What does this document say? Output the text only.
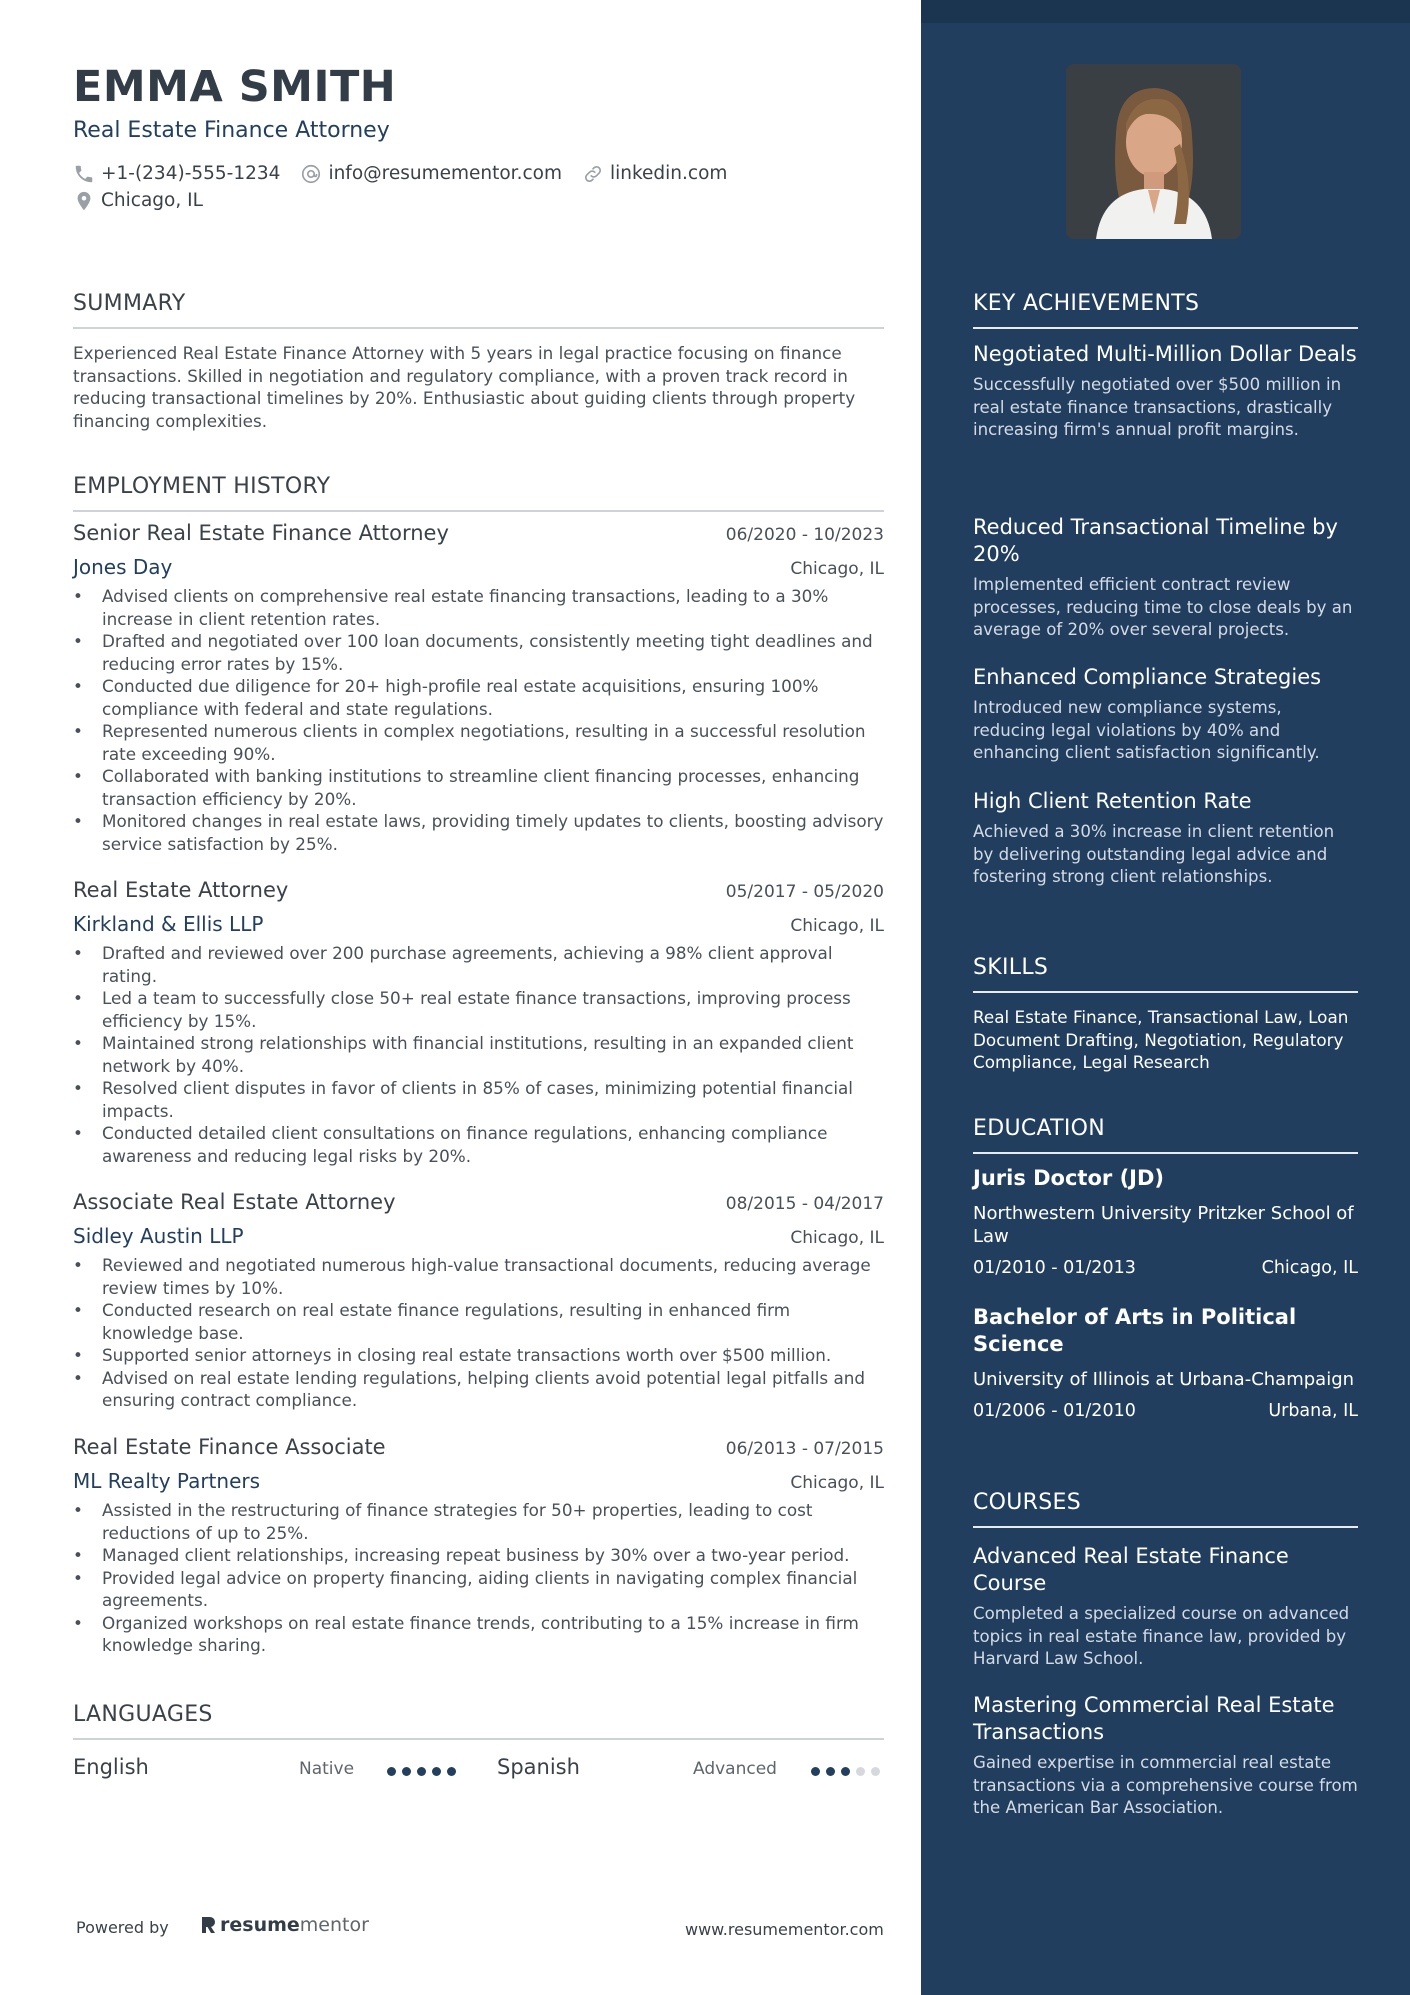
EMMA SMITH
Real Estate Finance Attorney
+1-(234)-555-1234	info@resumementor.com	linkedin.com
Chicago, IL
SUMMARY
Experienced Real Estate Finance Attorney with 5 years in legal practice focusing on finance transactions. Skilled in negotiation and regulatory compliance, with a proven track record in reducing transactional timelines by 20%. Enthusiastic about guiding clients through property financing complexities.
EMPLOYMENT HISTORY
Senior Real Estate Finance Attorney	06/2020 - 10/2023
Jones Day	Chicago, IL
• Advised clients on comprehensive real estate financing transactions, leading to a 30% increase in client retention rates.
• Drafted and negotiated over 100 loan documents, consistently meeting tight deadlines and reducing error rates by 15%.
• Conducted due diligence for 20+ high-profile real estate acquisitions, ensuring 100% compliance with federal and state regulations.
• Represented numerous clients in complex negotiations, resulting in a successful resolution rate exceeding 90%.
• Collaborated with banking institutions to streamline client financing processes, enhancing transaction efficiency by 20%.
• Monitored changes in real estate laws, providing timely updates to clients, boosting advisory service satisfaction by 25%.
Real Estate Attorney	05/2017 - 05/2020
Kirkland & Ellis LLP	Chicago, IL
• Drafted and reviewed over 200 purchase agreements, achieving a 98% client approval rating.
• Led a team to successfully close 50+ real estate finance transactions, improving process efficiency by 15%.
• Maintained strong relationships with financial institutions, resulting in an expanded client network by 40%.
• Resolved client disputes in favor of clients in 85% of cases, minimizing potential financial impacts.
• Conducted detailed client consultations on finance regulations, enhancing compliance awareness and reducing legal risks by 20%.
Associate Real Estate Attorney	08/2015 - 04/2017
Sidley Austin LLP	Chicago, IL
• Reviewed and negotiated numerous high-value transactional documents, reducing average review times by 10%.
• Conducted research on real estate finance regulations, resulting in enhanced firm knowledge base.
• Supported senior attorneys in closing real estate transactions worth over $500 million.
• Advised on real estate lending regulations, helping clients avoid potential legal pitfalls and ensuring contract compliance.
Real Estate Finance Associate	06/2013 - 07/2015
ML Realty Partners	Chicago, IL
• Assisted in the restructuring of finance strategies for 50+ properties, leading to cost reductions of up to 25%.
• Managed client relationships, increasing repeat business by 30% over a two-year period.
• Provided legal advice on property financing, aiding clients in navigating complex financial agreements.
• Organized workshops on real estate finance trends, contributing to a 15% increase in firm knowledge sharing.
LANGUAGES
English	Native	Spanish	Advanced
Powered by	resume mentor	www.resumementor.com
KEY ACHIEVEMENTS
Negotiated Multi-Million Dollar Deals
Successfully negotiated over $500 million in real estate finance transactions, drastically increasing firm's annual profit margins.
Reduced Transactional Timeline by 20%
Implemented efficient contract review processes, reducing time to close deals by an average of 20% over several projects.
Enhanced Compliance Strategies
Introduced new compliance systems, reducing legal violations by 40% and enhancing client satisfaction significantly.
High Client Retention Rate
Achieved a 30% increase in client retention by delivering outstanding legal advice and fostering strong client relationships.
SKILLS
Real Estate Finance, Transactional Law, Loan Document Drafting, Negotiation, Regulatory Compliance, Legal Research
EDUCATION
Juris Doctor (JD)
Northwestern University Pritzker School of Law
01/2010 - 01/2013	Chicago, IL
Bachelor of Arts in Political Science
University of Illinois at Urbana-Champaign
01/2006 - 01/2010	Urbana, IL
COURSES
Advanced Real Estate Finance Course
Completed a specialized course on advanced topics in real estate finance law, provided by Harvard Law School.
Mastering Commercial Real Estate Transactions
Gained expertise in commercial real estate transactions via a comprehensive course from the American Bar Association.
